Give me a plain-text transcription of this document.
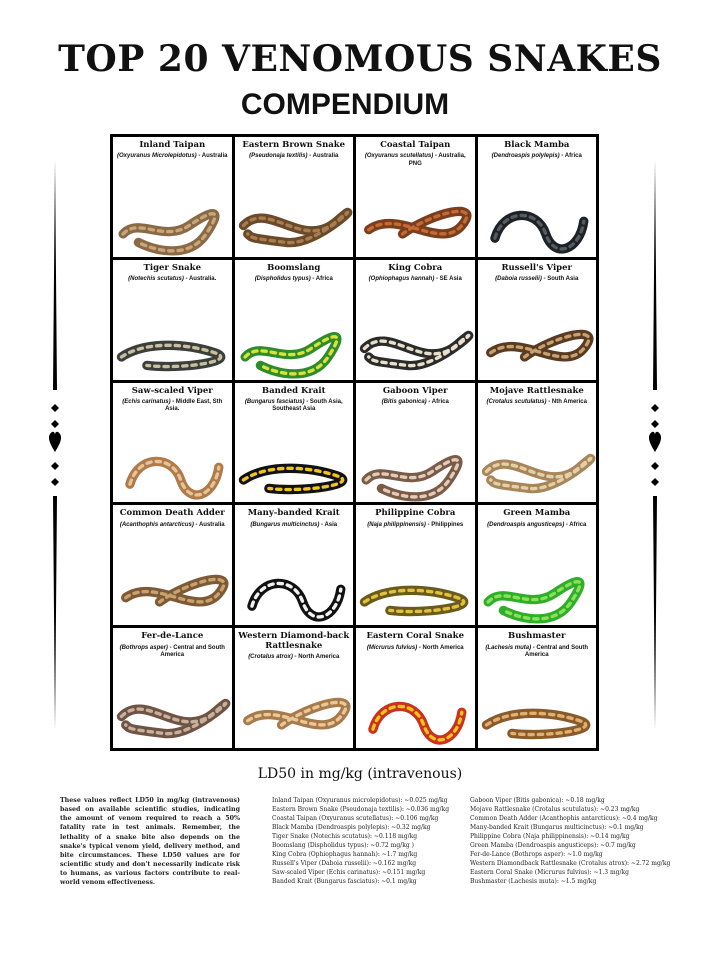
TOP 20 VENOMOUS SNAKES
COMPENDIUM
Inland Taipan
(Oxyuranus Microlepidotus) - Australia
Eastern Brown Snake
(Pseudonaja textilis) - Australia
Coastal Taipan
(Oxyuranus scutellatus) - Australia, PNG
Black Mamba
(Dendroaspis polylepis) - Africa
Tiger Snake
(Notechis scutatus) - Australia.
Boomslang
(Dispholidus typus) - Africa
King Cobra
(Ophiophagus hannah) - SE Asia
Russell's Viper
(Daboia russelii) - South Asia
Saw-scaled Viper
(Echis carinatus) - Middle East, Sth Asia.
Banded Krait
(Bungarus fasciatus) - South Asia, Southeast Asia
Gaboon Viper
(Bitis gabonica) - Africa
Mojave Rattlesnake
(Crotalus scutulatus) - Nth America
Common Death Adder
(Acanthophis antarcticus) - Australia
Many-banded Krait
(Bungarus multicinctus) - Asia
Philippine Cobra
(Naja philippinensis) - Philippines
Green Mamba
(Dendroaspis angusticeps) - Africa
Fer-de-Lance
(Bothrops asper) - Central and South America
Western Diamond-back Rattlesnake
(Crotalus atrox) - North America
Eastern Coral Snake
(Micrurus fulvius) - North America
Bushmaster
(Lachesis muta) - Central and South America
LD50 in mg/kg (intravenous)

These values reflect LD50 in mg/kg (intravenous) based on available scientific studies, indicating the amount of venom required to reach a 50% fatality rate in test animals. Remember, the lethality of a snake bite also depends on the snake's typical venom yield, delivery method, and bite circumstances. These LD50 values are for scientific study and don't necessarily indicate risk to humans, as various factors contribute to real-world venom effectiveness.

Inland Taipan (Oxyuranus microlepidotus): ~0.025 mg/kg
Eastern Brown Snake (Pseudonaja textilis): ~0.036 mg/kg
Coastal Taipan (Oxyuranus scutellatus): ~0.106 mg/kg
Black Mamba (Dendroaspis polylepis): ~0.32 mg/kg
Tiger Snake (Notechis scutatus): ~0.118 mg/kg
Boomslang (Dispholidus typus): ~0.72 mg/kg )
King Cobra (Ophiophagus hannah): ~1.7 mg/kg
Russell's Viper (Daboia russelii): ~0.162 mg/kg
Saw-scaled Viper (Echis carinatus): ~0.151 mg/kg
Banded Krait (Bungarus fasciatus): ~0.1 mg/kg
Gaboon Viper (Bitis gabonica): ~0.18 mg/kg
Mojave Rattlesnake (Crotalus scutulatus): ~0.23 mg/kg
Common Death Adder (Acanthophis antarcticus): ~0.4 mg/kg
Many-banded Krait (Bungarus multicinctus): ~0.1 mg/kg
Philippine Cobra (Naja philippinensis): ~0.14 mg/kg
Green Mamba (Dendroaspis angusticeps): ~0.7 mg/kg
Fer-de-Lance (Bothrops asper): ~1.0 mg/kg
Western Diamondback Rattlesnake (Crotalus atrox): ~2.72 mg/kg
Eastern Coral Snake (Micrurus fulvius): ~1.3 mg/kg
Bushmaster (Lachesis muta): ~1.5 mg/kg
